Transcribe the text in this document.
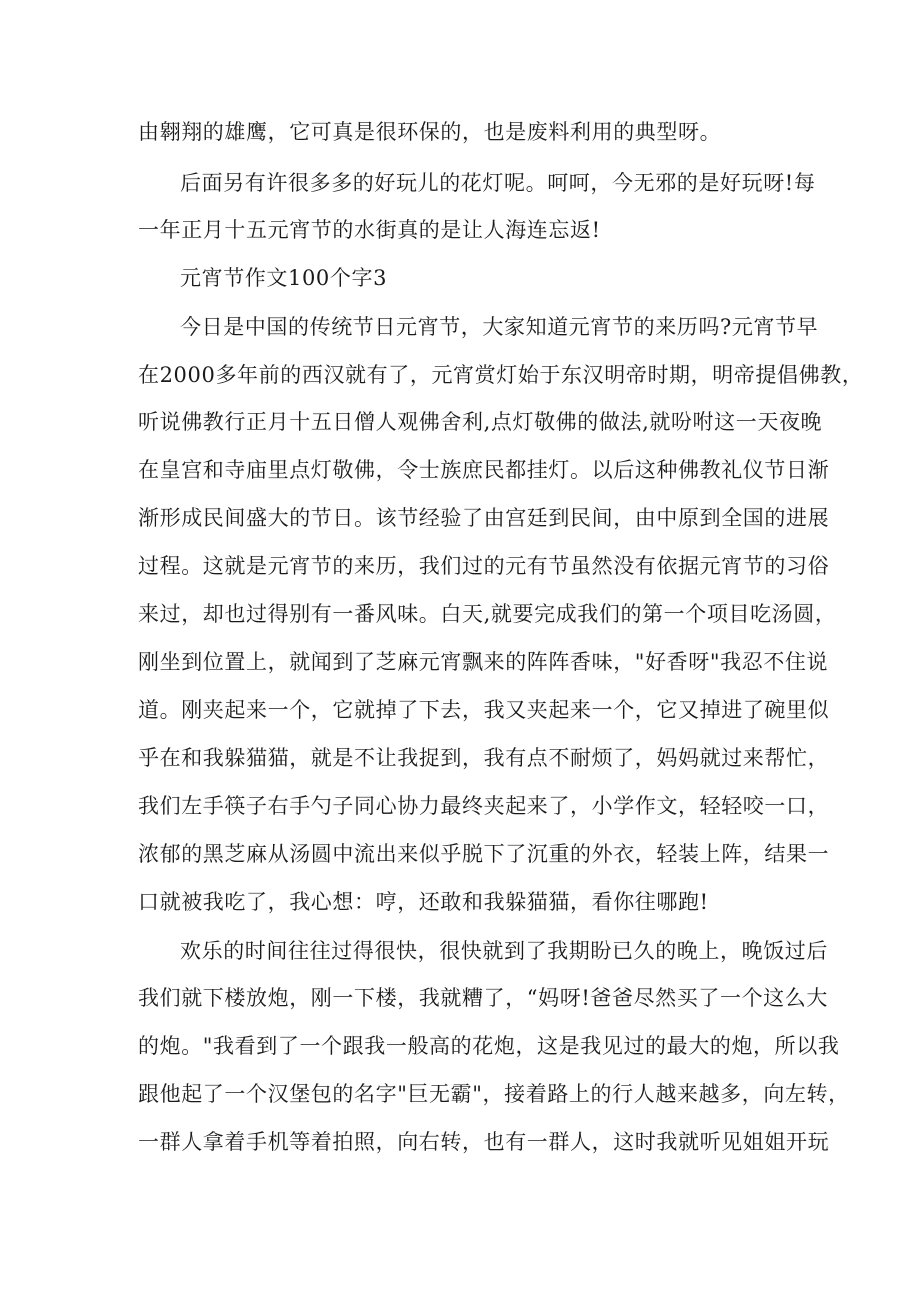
由翱翔的雄鹰，它可真是很环保的，也是废料利用的典型呀。
后面另有许很多多的好玩儿的花灯呢。呵呵，今无邪的是好玩呀!每
一年正月十五元宵节的水街真的是让人海连忘返!
元宵节作文100个字3
今日是中国的传统节日元宵节，大家知道元宵节的来历吗?元宵节早
在2000多年前的西汉就有了，元宵赏灯始于东汉明帝时期，明帝提倡佛教，
听说佛教行正月十五日僧人观佛舍利,点灯敬佛的做法,就吩咐这一天夜晚
在皇宫和寺庙里点灯敬佛，令士族庶民都挂灯。以后这种佛教礼仪节日渐
渐形成民间盛大的节日。该节经验了由宫廷到民间，由中原到全国的进展
过程。这就是元宵节的来历，我们过的元有节虽然没有依据元宵节的习俗
来过，却也过得别有一番风味。白天,就要完成我们的第一个项目吃汤圆，
刚坐到位置上，就闻到了芝麻元宵飘来的阵阵香味，"好香呀"我忍不住说
道。刚夹起来一个，它就掉了下去，我又夹起来一个，它又掉进了碗里似
乎在和我躲猫猫，就是不让我捉到，我有点不耐烦了，妈妈就过来帮忙，
我们左手筷子右手勺子同心协力最终夹起来了，小学作文，轻轻咬一口，
浓郁的黑芝麻从汤圆中流出来似乎脱下了沉重的外衣，轻装上阵，结果一
口就被我吃了，我心想：哼，还敢和我躲猫猫，看你往哪跑!
欢乐的时间往往过得很快，很快就到了我期盼已久的晚上，晚饭过后
我们就下楼放炮，刚一下楼，我就糟了，“妈呀!爸爸尽然买了一个这么大
的炮。"我看到了一个跟我一般高的花炮，这是我见过的最大的炮，所以我
跟他起了一个汉堡包的名字"巨无霸"，接着路上的行人越来越多，向左转，
一群人拿着手机等着拍照，向右转，也有一群人，这时我就听见姐姐开玩
